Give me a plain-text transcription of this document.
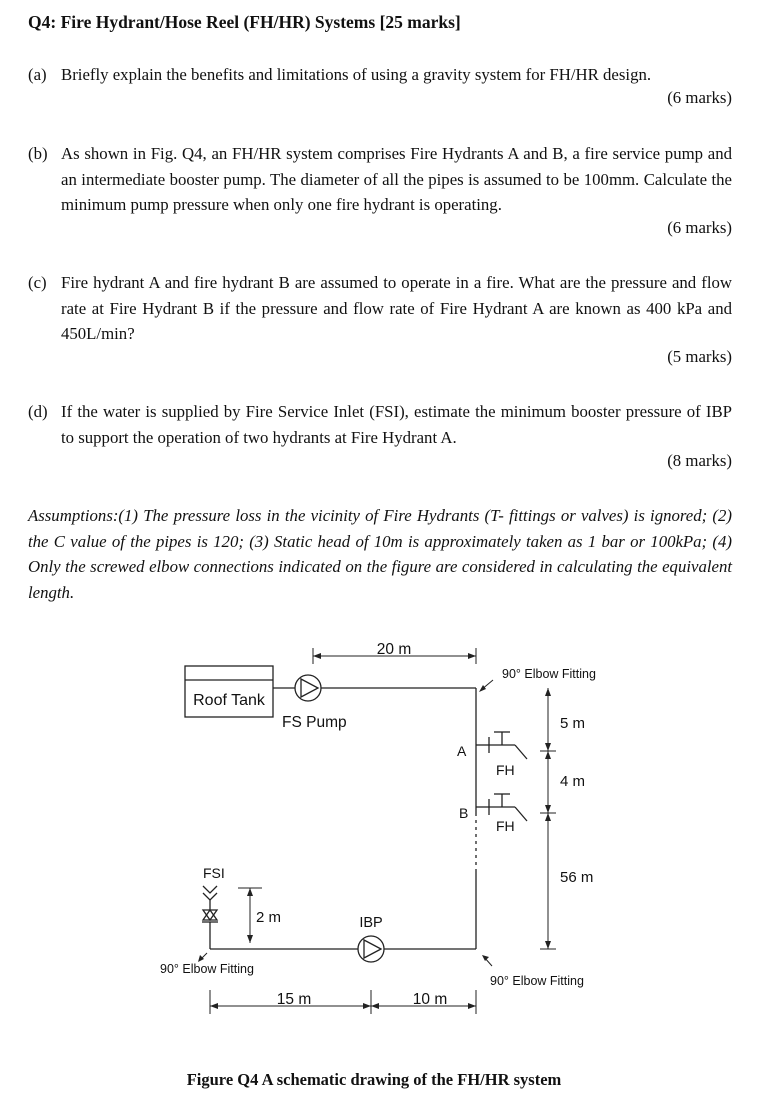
Q4: Fire Hydrant/Hose Reel (FH/HR) Systems [25 marks]
(a) Briefly explain the benefits and limitations of using a gravity system for FH/HR design.
(6 marks)
(b) As shown in Fig. Q4, an FH/HR system comprises Fire Hydrants A and B, a fire service pump and an intermediate booster pump. The diameter of all the pipes is assumed to be 100mm. Calculate the minimum pump pressure when only one fire hydrant is operating.
(6 marks)
(c) Fire hydrant A and fire hydrant B are assumed to operate in a fire. What are the pressure and flow rate at Fire Hydrant B if the pressure and flow rate of Fire Hydrant A are known as 400 kPa and 450L/min?
(5 marks)
(d) If the water is supplied by Fire Service Inlet (FSI), estimate the minimum booster pressure of IBP to support the operation of two hydrants at Fire Hydrant A.
(8 marks)
Assumptions:(1) The pressure loss in the vicinity of Fire Hydrants (T- fittings or valves) is ignored; (2) the C value of the pipes is 120; (3) Static head of 10m is approximately taken as 1 bar or 100kPa; (4) Only the screwed elbow connections indicated on the figure are considered in calculating the equivalent length.
Roof Tank
FS Pump
20 m
90° Elbow Fitting
5 m
A
FH
4 m
B
FH
56 m
FSI
2 m	IBP
90° Elbow Fitting
90° Elbow Fitting
15 m	10 m
Figure Q4 A schematic drawing of the FH/HR system
